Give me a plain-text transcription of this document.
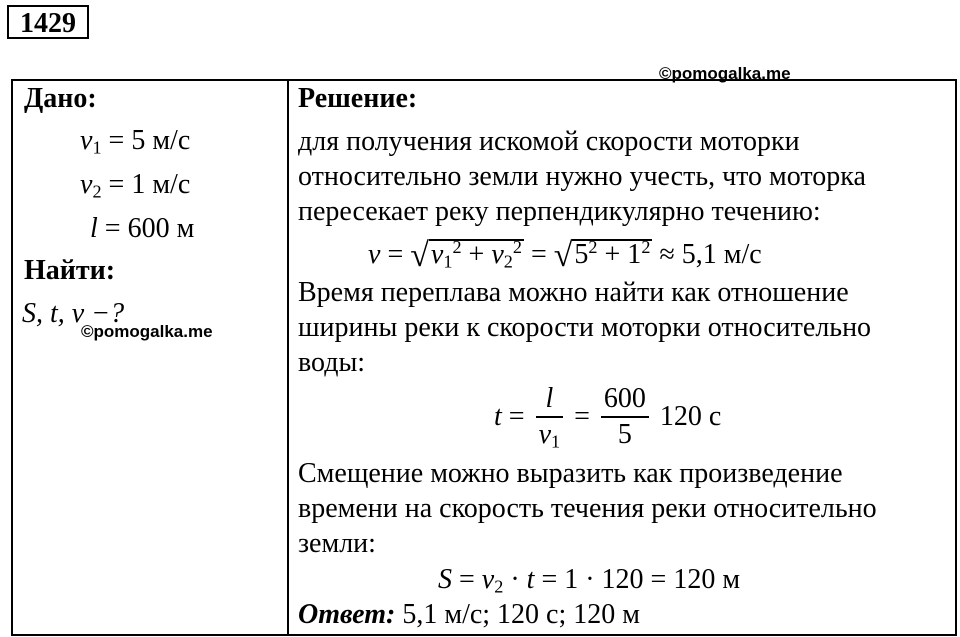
1429
©pomogalka.me
Дано:
$v_1 = 5$ м/с
$v_2 = 1$ м/с
l = 600 м
Найти:
S, t, v −?
©pomogalka.me
Решение:
для получения искомой скорости моторки
относительно земли нужно учесть, что моторка
пересекает реку перпендикулярно течению:
$v = √v_1^2 + v_2^2 = √5^2 + 1^2 \approx 5,1$ м/с
Время переплава можно найти как отношение
ширины реки к скорости моторки относительно
воды:
$t = \frac{l}{v_1} = \frac{600}{5} 120$ с
Смещение можно выразить как произведение
времени на скорость течения реки относительно
земли:
$S = v_2 \cdot t = 1 \cdot 120 = 120$ м
Ответ: 5,1 м/с; 120 с; 120 м
